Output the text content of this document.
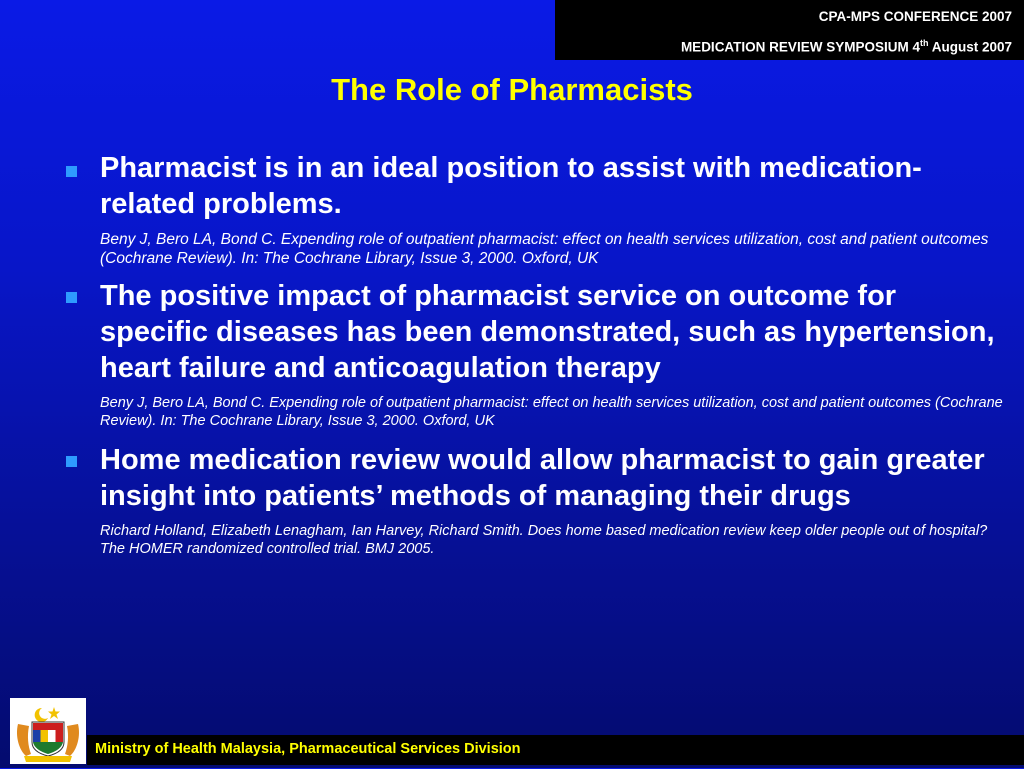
CPA-MPS CONFERENCE 2007
MEDICATION REVIEW SYMPOSIUM 4th August 2007
The Role of Pharmacists
Pharmacist is in an ideal position to assist with medication-related problems.
Beny J, Bero LA, Bond C. Expending role of outpatient pharmacist: effect on health services utilization, cost and patient outcomes (Cochrane Review). In: The Cochrane Library, Issue 3, 2000. Oxford, UK
The positive impact of pharmacist service on outcome for specific diseases has been demonstrated, such as hypertension, heart failure and anticoagulation therapy
Beny J, Bero LA, Bond C. Expending role of outpatient pharmacist: effect on health services utilization, cost and patient outcomes (Cochrane Review). In: The Cochrane Library, Issue 3, 2000. Oxford, UK
Home medication review would allow pharmacist to gain greater insight into patients’ methods of managing their drugs
Richard Holland, Elizabeth Lenagham, Ian Harvey, Richard Smith. Does home based medication review keep older people out of hospital? The HOMER randomized controlled trial. BMJ 2005.
Ministry of Health Malaysia, Pharmaceutical Services Division
